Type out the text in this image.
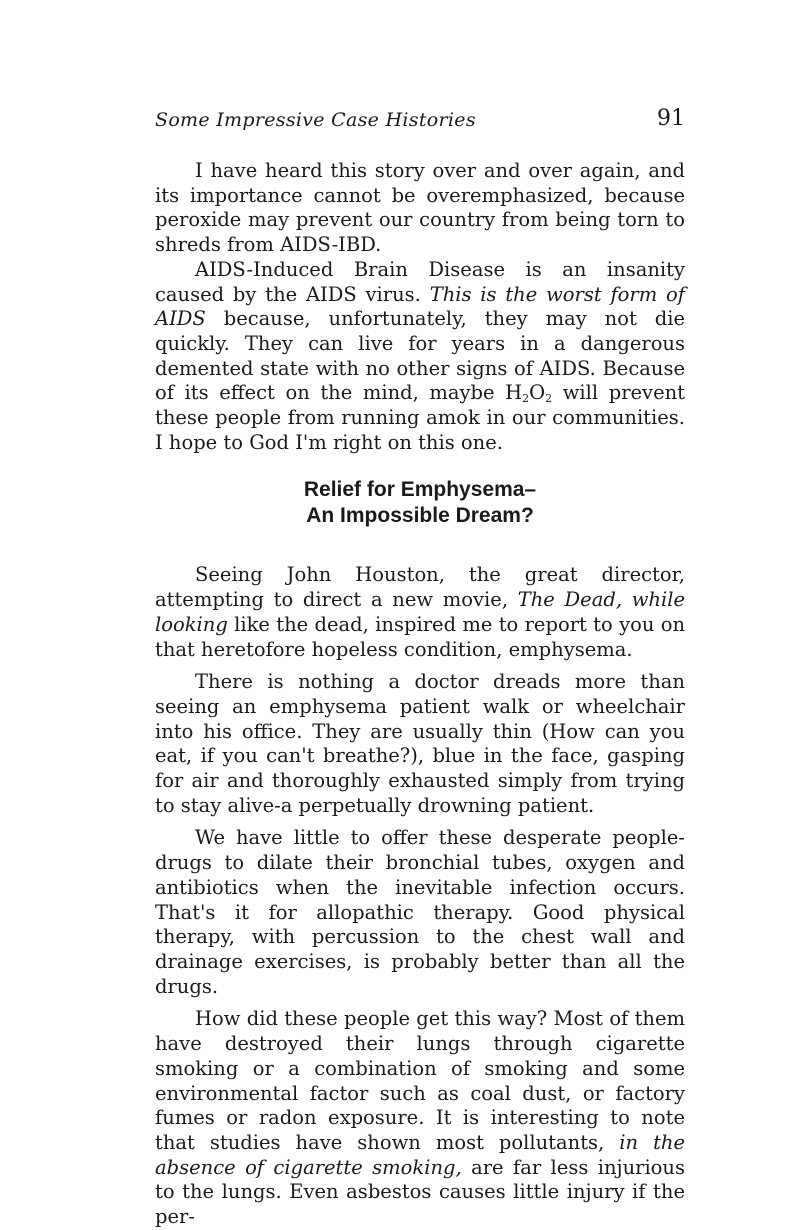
Some Impressive Case Histories	91

I have heard this story over and over again, and its importance cannot be overemphasized, because peroxide may prevent our country from being torn to shreds from AIDS-IBD.

AIDS-Induced Brain Disease is an insanity caused by the AIDS virus. This is the worst form of AIDS because, unfortunately, they may not die quickly. They can live for years in a dangerous demented state with no other signs of AIDS. Because of its effect on the mind, maybe $H_2O_2$ will prevent these people from running amok in our communities. I hope to God I'm right on this one.

Relief for Emphysema–
An Impossible Dream?

Seeing John Houston, the great director, attempting to direct a new movie, The Dead, while looking like the dead, inspired me to report to you on that heretofore hopeless condition, emphysema.

There is nothing a doctor dreads more than seeing an emphysema patient walk or wheelchair into his office. They are usually thin (How can you eat, if you can't breathe?), blue in the face, gasping for air and thoroughly exhausted simply from trying to stay alive-a perpetually drowning patient.

We have little to offer these desperate people- drugs to dilate their bronchial tubes, oxygen and antibiotics when the inevitable infection occurs. That's it for allopathic therapy. Good physical therapy, with percussion to the chest wall and drainage exercises, is probably better than all the drugs.

How did these people get this way? Most of them have destroyed their lungs through cigarette smoking or a combination of smoking and some environmental factor such as coal dust, or factory fumes or radon exposure. It is interesting to note that studies have shown most pollutants, in the absence of cigarette smoking, are far less injurious to the lungs. Even asbestos causes little injury if the per-
